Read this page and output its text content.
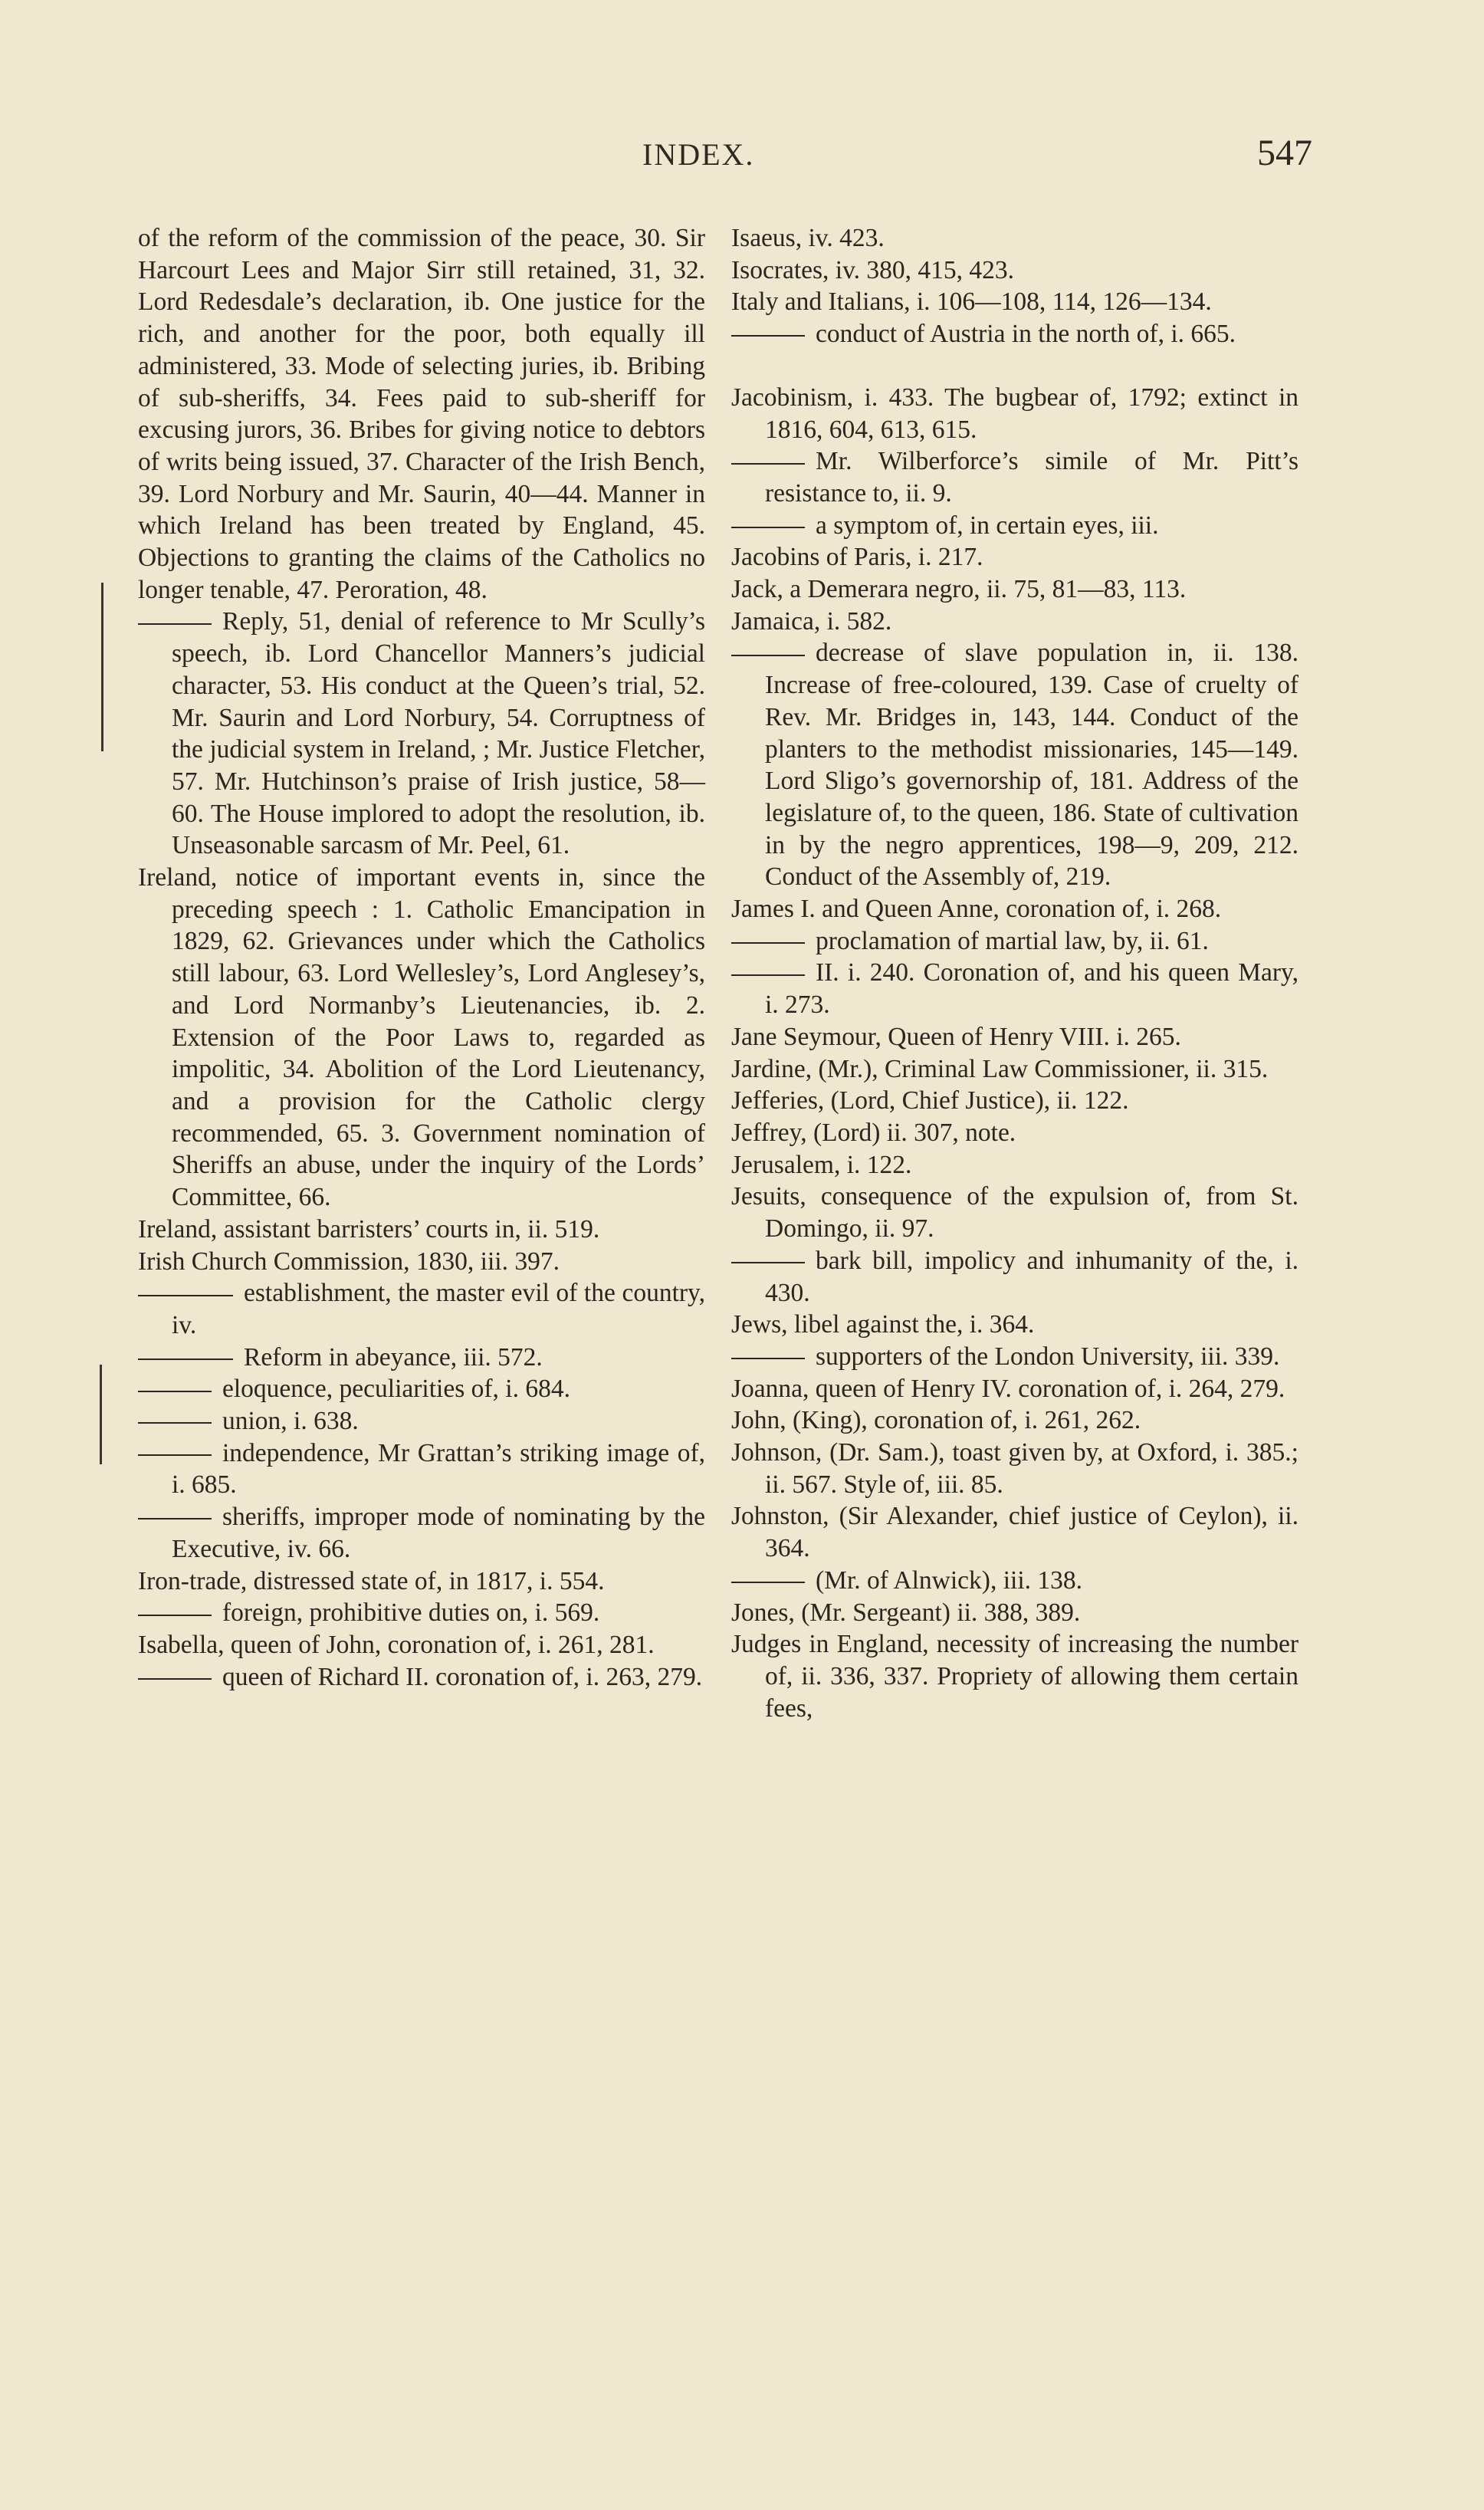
INDEX.	547

of the reform of the commission of the peace, 30. Sir Harcourt Lees and Major Sirr still retained, 31, 32. Lord Redesdale’s declaration, ib. One justice for the rich, and another for the poor, both equally ill administered, 33. Mode of selecting juries, ib. Bribing of sub-sheriffs, 34. Fees paid to sub-sheriff for excusing jurors, 36. Bribes for giving notice to debtors of writs being issued, 37. Character of the Irish Bench, 39. Lord Norbury and Mr. Saurin, 40—44. Manner in which Ireland has been treated by England, 45. Objections to granting the claims of the Catholics no longer tenable, 47. Peroration, 48.

Reply, 51, denial of reference to Mr Scully’s speech, ib. Lord Chancellor Manners’s judicial character, 53. His conduct at the Queen’s trial, 52. Mr. Saurin and Lord Norbury, 54. Corruptness of the judicial system in Ireland, ; Mr. Justice Fletcher, 57. Mr. Hutchinson’s praise of Irish justice, 58—60. The House implored to adopt the resolution, ib. Unseasonable sarcasm of Mr. Peel, 61.

Ireland, notice of important events in, since the preceding speech : 1. Catholic Emancipation in 1829, 62. Grievances under which the Catholics still labour, 63. Lord Wellesley’s, Lord Anglesey’s, and Lord Normanby’s Lieutenancies, ib. 2. Extension of the Poor Laws to, regarded as impolitic, 34. Abolition of the Lord Lieutenancy, and a provision for the Catholic clergy recommended, 65. 3. Government nomination of Sheriffs an abuse, under the inquiry of the Lords’ Committee, 66.

Ireland, assistant barristers’ courts in, ii. 519.

Irish Church Commission, 1830, iii. 397.

establishment, the master evil of the country, iv.

Reform in abeyance, iii. 572.

eloquence, peculiarities of, i. 684.

union, i. 638.

independence, Mr Grattan’s striking image of, i. 685.

sheriffs, improper mode of nominating by the Executive, iv. 66.

Iron-trade, distressed state of, in 1817, i. 554.

foreign, prohibitive duties on, i. 569.

Isabella, queen of John, coronation of, i. 261, 281.

queen of Richard II. coronation of, i. 263, 279.

Isaeus, iv. 423.

Isocrates, iv. 380, 415, 423.

Italy and Italians, i. 106—108, 114, 126—134.

conduct of Austria in the north of, i. 665.

Jacobinism, i. 433. The bugbear of, 1792; extinct in 1816, 604, 613, 615.

Mr. Wilberforce’s simile of Mr. Pitt’s resistance to, ii. 9.

a symptom of, in certain eyes, iii.

Jacobins of Paris, i. 217.

Jack, a Demerara negro, ii. 75, 81—83, 113.

Jamaica, i. 582.

decrease of slave population in, ii. 138. Increase of free-coloured, 139. Case of cruelty of Rev. Mr. Bridges in, 143, 144. Conduct of the planters to the methodist missionaries, 145—149. Lord Sligo’s governorship of, 181. Address of the legislature of, to the queen, 186. State of cultivation in by the negro apprentices, 198—9, 209, 212. Conduct of the Assembly of, 219.

James I. and Queen Anne, coronation of, i. 268.

proclamation of martial law, by, ii. 61.

II. i. 240. Coronation of, and his queen Mary, i. 273.

Jane Seymour, Queen of Henry VIII. i. 265.

Jardine, (Mr.), Criminal Law Commissioner, ii. 315.

Jefferies, (Lord, Chief Justice), ii. 122.

Jeffrey, (Lord) ii. 307, note.

Jerusalem, i. 122.

Jesuits, consequence of the expulsion of, from St. Domingo, ii. 97.

bark bill, impolicy and inhumanity of the, i. 430.

Jews, libel against the, i. 364.

supporters of the London University, iii. 339.

Joanna, queen of Henry IV. coronation of, i. 264, 279.

John, (King), coronation of, i. 261, 262.

Johnson, (Dr. Sam.), toast given by, at Oxford, i. 385.; ii. 567. Style of, iii. 85.

Johnston, (Sir Alexander, chief justice of Ceylon), ii. 364.

(Mr. of Alnwick), iii. 138.

Jones, (Mr. Sergeant) ii. 388, 389.

Judges in England, necessity of increasing the number of, ii. 336, 337. Propriety of allowing them certain fees,
